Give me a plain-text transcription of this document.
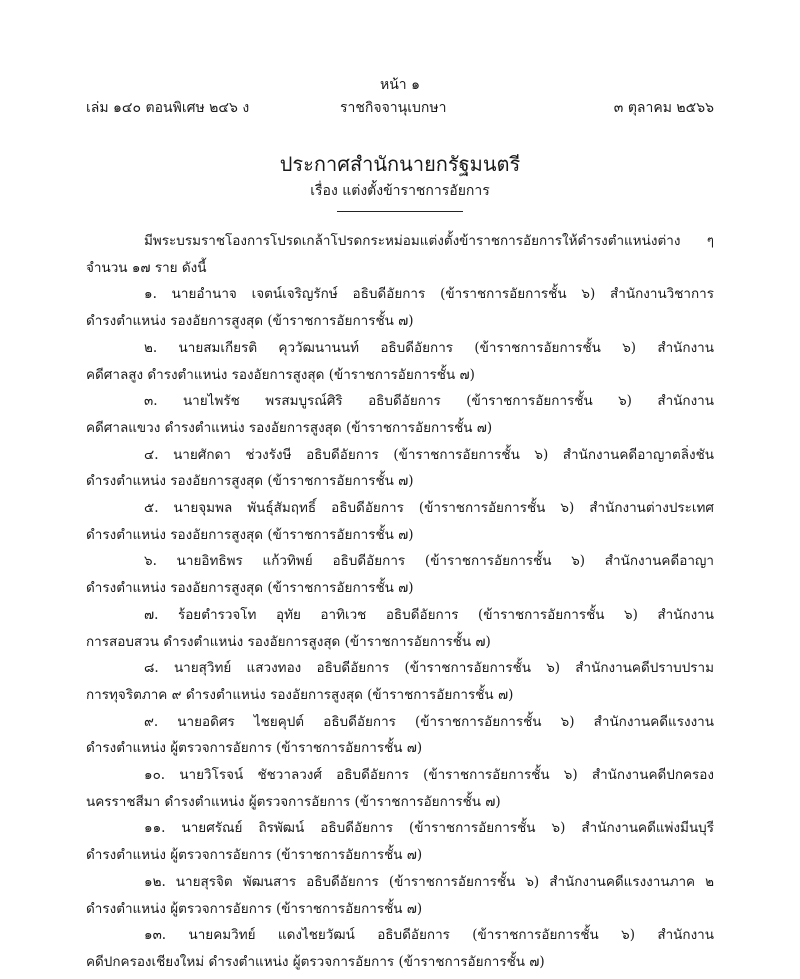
หน้า ๑
เล่ม ๑๔๐ ตอนพิเศษ ๒๔๖ ง	ราชกิจจานุเบกษา	๓ ตุลาคม ๒๕๖๖
ประกาศสำนักนายกรัฐมนตรี
เรื่อง แต่งตั้งข้าราชการอัยการ

มีพระบรมราชโองการโปรดเกล้าโปรดกระหม่อมแต่งตั้งข้าราชการอัยการให้ดำรงตำแหน่งต่าง ๆ
จำนวน ๑๗ ราย ดังนี้

๑. นายอำนาจ เจตน์เจริญรักษ์ อธิบดีอัยการ (ข้าราชการอัยการชั้น ๖) สำนักงานวิชาการ
ดำรงตำแหน่ง รองอัยการสูงสุด (ข้าราชการอัยการชั้น ๗)

๒. นายสมเกียรติ คุววัฒนานนท์ อธิบดีอัยการ (ข้าราชการอัยการชั้น ๖) สำนักงาน
คดีศาลสูง ดำรงตำแหน่ง รองอัยการสูงสุด (ข้าราชการอัยการชั้น ๗)

๓. นายไพรัช พรสมบูรณ์ศิริ อธิบดีอัยการ (ข้าราชการอัยการชั้น ๖) สำนักงาน
คดีศาลแขวง ดำรงตำแหน่ง รองอัยการสูงสุด (ข้าราชการอัยการชั้น ๗)

๔. นายศักดา ช่วงรังษี อธิบดีอัยการ (ข้าราชการอัยการชั้น ๖) สำนักงานคดีอาญาตลิ่งชัน
ดำรงตำแหน่ง รองอัยการสูงสุด (ข้าราชการอัยการชั้น ๗)

๕. นายจุมพล พันธุ์สัมฤทธิ์ อธิบดีอัยการ (ข้าราชการอัยการชั้น ๖) สำนักงานต่างประเทศ
ดำรงตำแหน่ง รองอัยการสูงสุด (ข้าราชการอัยการชั้น ๗)

๖. นายอิทธิพร แก้วทิพย์ อธิบดีอัยการ (ข้าราชการอัยการชั้น ๖) สำนักงานคดีอาญา
ดำรงตำแหน่ง รองอัยการสูงสุด (ข้าราชการอัยการชั้น ๗)

๗. ร้อยตำรวจโท อุทัย อาทิเวช อธิบดีอัยการ (ข้าราชการอัยการชั้น ๖) สำนักงาน
การสอบสวน ดำรงตำแหน่ง รองอัยการสูงสุด (ข้าราชการอัยการชั้น ๗)

๘. นายสุวิทย์ แสวงทอง อธิบดีอัยการ (ข้าราชการอัยการชั้น ๖) สำนักงานคดีปราบปราม
การทุจริตภาค ๙ ดำรงตำแหน่ง รองอัยการสูงสุด (ข้าราชการอัยการชั้น ๗)

๙. นายอดิศร ไชยคุปต์ อธิบดีอัยการ (ข้าราชการอัยการชั้น ๖) สำนักงานคดีแรงงาน
ดำรงตำแหน่ง ผู้ตรวจการอัยการ (ข้าราชการอัยการชั้น ๗)

๑๐. นายวิโรจน์ ชัชวาลวงศ์ อธิบดีอัยการ (ข้าราชการอัยการชั้น ๖) สำนักงานคดีปกครอง
นครราชสีมา ดำรงตำแหน่ง ผู้ตรวจการอัยการ (ข้าราชการอัยการชั้น ๗)

๑๑. นายศรัณย์ ถิรพัฒน์ อธิบดีอัยการ (ข้าราชการอัยการชั้น ๖) สำนักงานคดีแพ่งมีนบุรี
ดำรงตำแหน่ง ผู้ตรวจการอัยการ (ข้าราชการอัยการชั้น ๗)

๑๒. นายสุรจิต พัฒนสาร อธิบดีอัยการ (ข้าราชการอัยการชั้น ๖) สำนักงานคดีแรงงานภาค ๒
ดำรงตำแหน่ง ผู้ตรวจการอัยการ (ข้าราชการอัยการชั้น ๗)

๑๓. นายคมวิทย์ แดงไชยวัฒน์ อธิบดีอัยการ (ข้าราชการอัยการชั้น ๖) สำนักงาน
คดีปกครองเชียงใหม่ ดำรงตำแหน่ง ผู้ตรวจการอัยการ (ข้าราชการอัยการชั้น ๗)
